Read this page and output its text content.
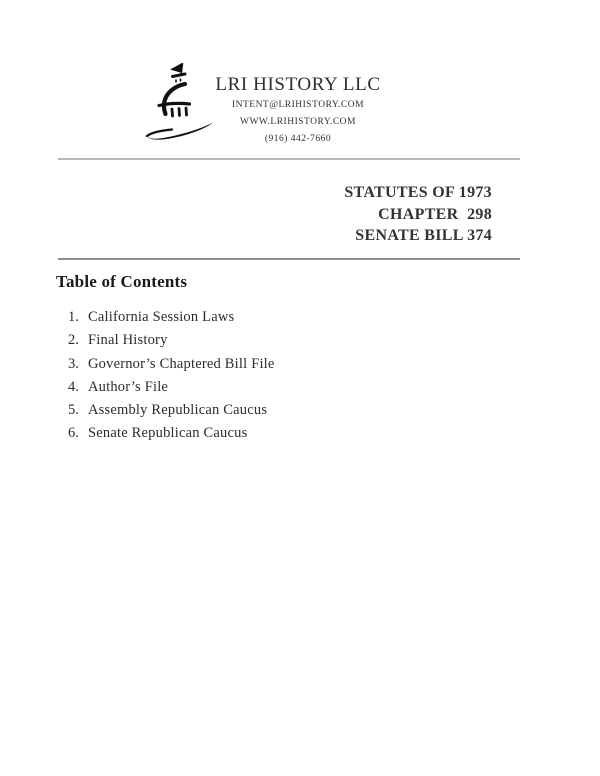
LRI HISTORY LLC
INTENT@LRIHISTORY.COM
WWW.LRIHISTORY.COM
(916) 442-7660
STATUTES OF 1973
CHAPTER  298
SENATE BILL 374
Table of Contents
1. California Session Laws
2. Final History
3. Governor’s Chaptered Bill File
4. Author’s File
5. Assembly Republican Caucus
6. Senate Republican Caucus
